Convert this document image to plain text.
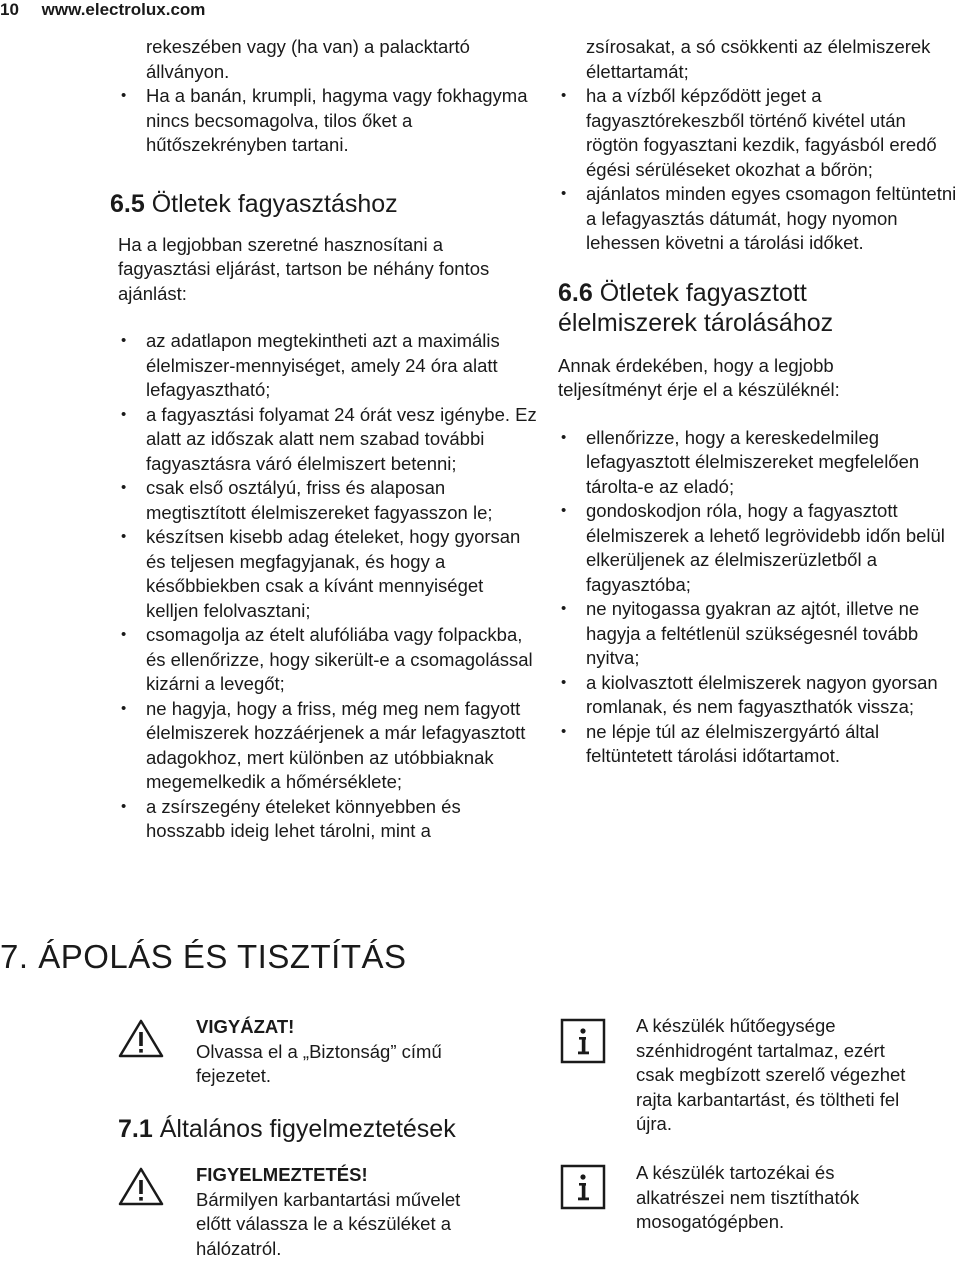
10 www.electrolux.com

rekeszében vagy (ha van) a palacktartó állványon.

• Ha a banán, krumpli, hagyma vagy fokhagyma nincs becsomagolva, tilos őket a hűtőszekrényben tartani.
6.5 Ötletek fagyasztáshoz

Ha a legjobban szeretné hasznosítani a fagyasztási eljárást, tartson be néhány fontos ajánlást:

• az adatlapon megtekintheti azt a maximális élelmiszer-mennyiséget, amely 24 óra alatt lefagyasztható;
• a fagyasztási folyamat 24 órát vesz igénybe. Ez alatt az időszak alatt nem szabad további fagyasztásra váró élelmiszert betenni;
• csak első osztályú, friss és alaposan megtisztított élelmiszereket fagyasszon le;
• készítsen kisebb adag ételeket, hogy gyorsan és teljesen megfagyjanak, és hogy a későbbiekben csak a kívánt mennyiséget kelljen felolvasztani;
• csomagolja az ételt alufóliába vagy folpackba, és ellenőrizze, hogy sikerült-e a csomagolással kizárni a levegőt;
• ne hagyja, hogy a friss, még meg nem fagyott élelmiszerek hozzáérjenek a már lefagyasztott adagokhoz, mert különben az utóbbiaknak megemelkedik a hőmérséklete;
• a zsírszegény ételeket könnyebben és hosszabb ideig lehet tárolni, mint a

zsírosakat, a só csökkenti az élelmiszerek élettartamát;

• ha a vízből képződött jeget a fagyasztórekeszből történő kivétel után rögtön fogyasztani kezdik, fagyásból eredő égési sérüléseket okozhat a bőrön;
• ajánlatos minden egyes csomagon feltüntetni a lefagyasztás dátumát, hogy nyomon lehessen követni a tárolási időket.
6.6 Ötletek fagyasztott élelmiszerek tárolásához

Annak érdekében, hogy a legjobb teljesítményt érje el a készüléknél:

• ellenőrizze, hogy a kereskedelmileg lefagyasztott élelmiszereket megfelelően tárolta-e az eladó;
• gondoskodjon róla, hogy a fagyasztott élelmiszerek a lehető legrövidebb időn belül elkerüljenek az élelmiszerüzletből a fagyasztóba;
• ne nyitogassa gyakran az ajtót, illetve ne hagyja a feltétlenül szükségesnél tovább nyitva;
• a kiolvasztott élelmiszerek nagyon gyorsan romlanak, és nem fagyaszthatók vissza;
• ne lépje túl az élelmiszergyártó által feltüntetett tárolási időtartamot.
7. ÁPOLÁS ÉS TISZTÍTÁS
VIGYÁZAT!
Olvassa el a „Biztonság” című fejezetet.
7.1 Általános figyelmeztetések
FIGYELMEZTETÉS!
Bármilyen karbantartási művelet előtt válassza le a készüléket a hálózatról.
A készülék hűtőegysége szénhidrogént tartalmaz, ezért csak megbízott szerelő végezhet rajta karbantartást, és töltheti fel újra.
A készülék tartozékai és alkatrészei nem tisztíthatók mosogatógépben.
